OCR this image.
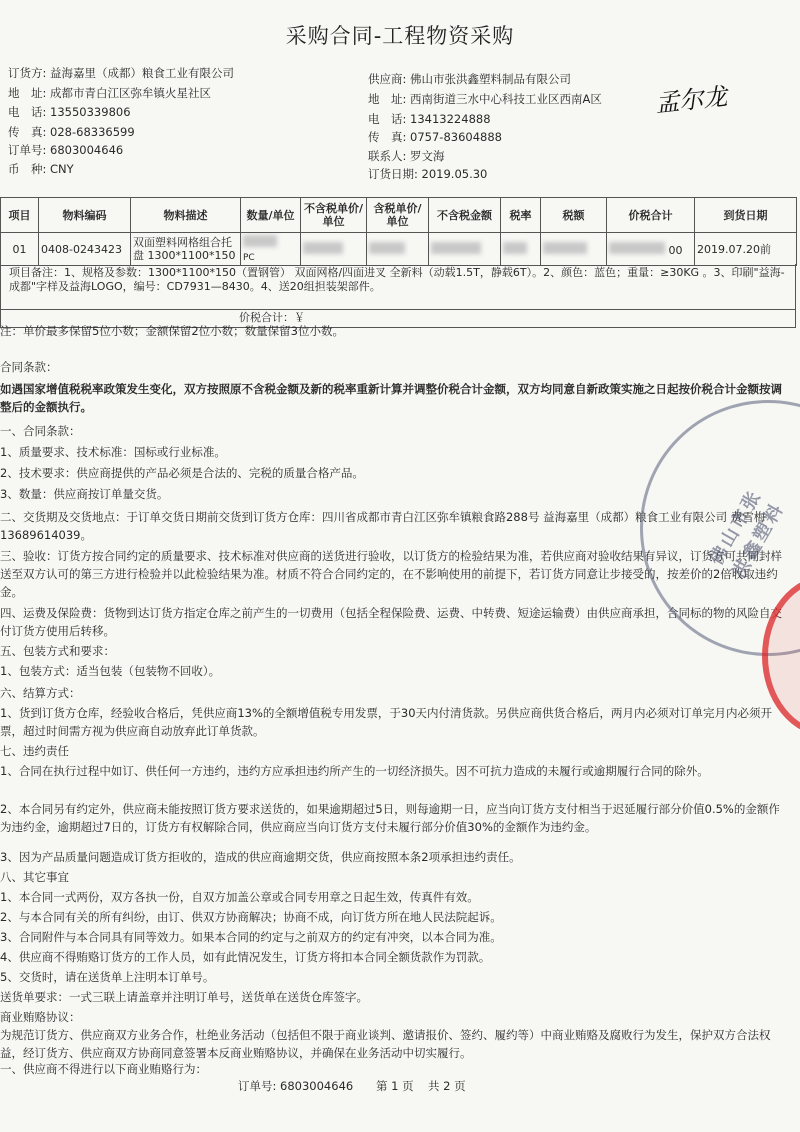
采购合同-工程物资采购
订货方: 益海嘉里（成都）粮食工业有限公司
地　址: 成都市青白江区弥牟镇火星社区
电　话: 13550339806
传　真: 028-68336599
订单号: 6803004646
币　种: CNY
供应商: 佛山市张洪鑫塑料制品有限公司
地　址: 西南街道三水中心科技工业区西南A区
电　话: 13413224888
传　真: 0757-83604888
联系人: 罗文海
订货日期: 2019.05.30
孟尔龙
项目	物料编码	物料描述	数量/单位	不含税单价/单位	含税单价/单位	不含税金额	税率	税额	价税合计	到货日期
01	0408-0243423	双面塑料网格组合托盘 1300*1100*150	PC						00	2019.07.20前
项目备注：1、规格及参数：1300*1100*150（置钢管） 双面网格/四面进叉 全新料（动载1.5T，静载6T）。2、颜色：蓝色；重量：≥30KG 。3、印刷"益海-成都"字样及益海LOGO，编号：CD7931—8430。4、送20组担装架部件。
价税合计：￥
注：单价最多保留5位小数；金额保留2位小数；数量保留3位小数。
合同条款：
如遇国家增值税税率政策发生变化，双方按照原不含税金额及新的税率重新计算并调整价税合计金额，双方均同意自新政策实施之日起按价税合计金额按调整后的金额执行。
一、合同条款：
1、质量要求、技术标准：国标或行业标准。
2、技术要求：供应商提供的产品必须是合法的、完税的质量合格产品。
3、数量：供应商按订单量交货。
二、交货期及交货地点：于订单交货日期前交货到订货方仓库：四川省成都市青白江区弥牟镇粮食路288号 益海嘉里（成都）粮食工业有限公司 费雪梅 13689614039。
三、验收：订货方按合同约定的质量要求、技术标准对供应商的送货进行验收，以订货方的检验结果为准，若供应商对验收结果有异议，订货方可共同封样送至双方认可的第三方进行检验并以此检验结果为准。材质不符合合同约定的，在不影响使用的前提下，若订货方同意让步接受的，按差价的2倍收取违约金。
四、运费及保险费：货物到达订货方指定仓库之前产生的一切费用（包括全程保险费、运费、中转费、短途运输费）由供应商承担，合同标的物的风险自交付订货方使用后转移。
五、包装方式和要求：
1、包装方式：适当包装（包装物不回收）。
六、结算方式：
1、货到订货方仓库，经验收合格后，凭供应商13%的全额增值税专用发票，于30天内付清货款。另供应商供货合格后，两月内必须对订单完月内必须开票，超过时间需方视为供应商自动放弃此订单货款。
七、违约责任
1、合同在执行过程中如订、供任何一方违约，违约方应承担违约所产生的一切经济损失。因不可抗力造成的未履行或逾期履行合同的除外。
2、本合同另有约定外，供应商未能按照订货方要求送货的，如果逾期超过5日，则每逾期一日，应当向订货方支付相当于迟延履行部分价值0.5%的金额作为违约金，逾期超过7日的，订货方有权解除合同，供应商应当向订货方支付未履行部分价值30%的金额作为违约金。
3、因为产品质量问题造成订货方拒收的，造成的供应商逾期交货，供应商按照本条2项承担违约责任。
八、其它事宜
1、本合同一式两份，双方各执一份，自双方加盖公章或合同专用章之日起生效，传真件有效。
2、与本合同有关的所有纠纷，由订、供双方协商解决；协商不成，向订货方所在地人民法院起诉。
3、合同附件与本合同具有同等效力。如果本合同的约定与之前双方的约定有冲突，以本合同为准。
4、供应商不得贿赂订货方的工作人员，如有此情况发生，订货方将扣本合同全额货款作为罚款。
5、交货时，请在送货单上注明本订单号。
送货单要求：一式三联上请盖章并注明订单号，送货单在送货仓库签字。
商业贿赂协议：
为规范订货方、供应商双方业务合作，杜绝业务活动（包括但不限于商业谈判、邀请报价、签约、履约等）中商业贿赂及腐败行为发生，保护双方合法权益，经订货方、供应商双方协商同意签署本反商业贿赂协议，并确保在业务活动中切实履行。
一、供应商不得进行以下商业贿赂行为：
佛山市张洪鑫塑料
订单号: 6803004646 第 1 页 共 2 页
